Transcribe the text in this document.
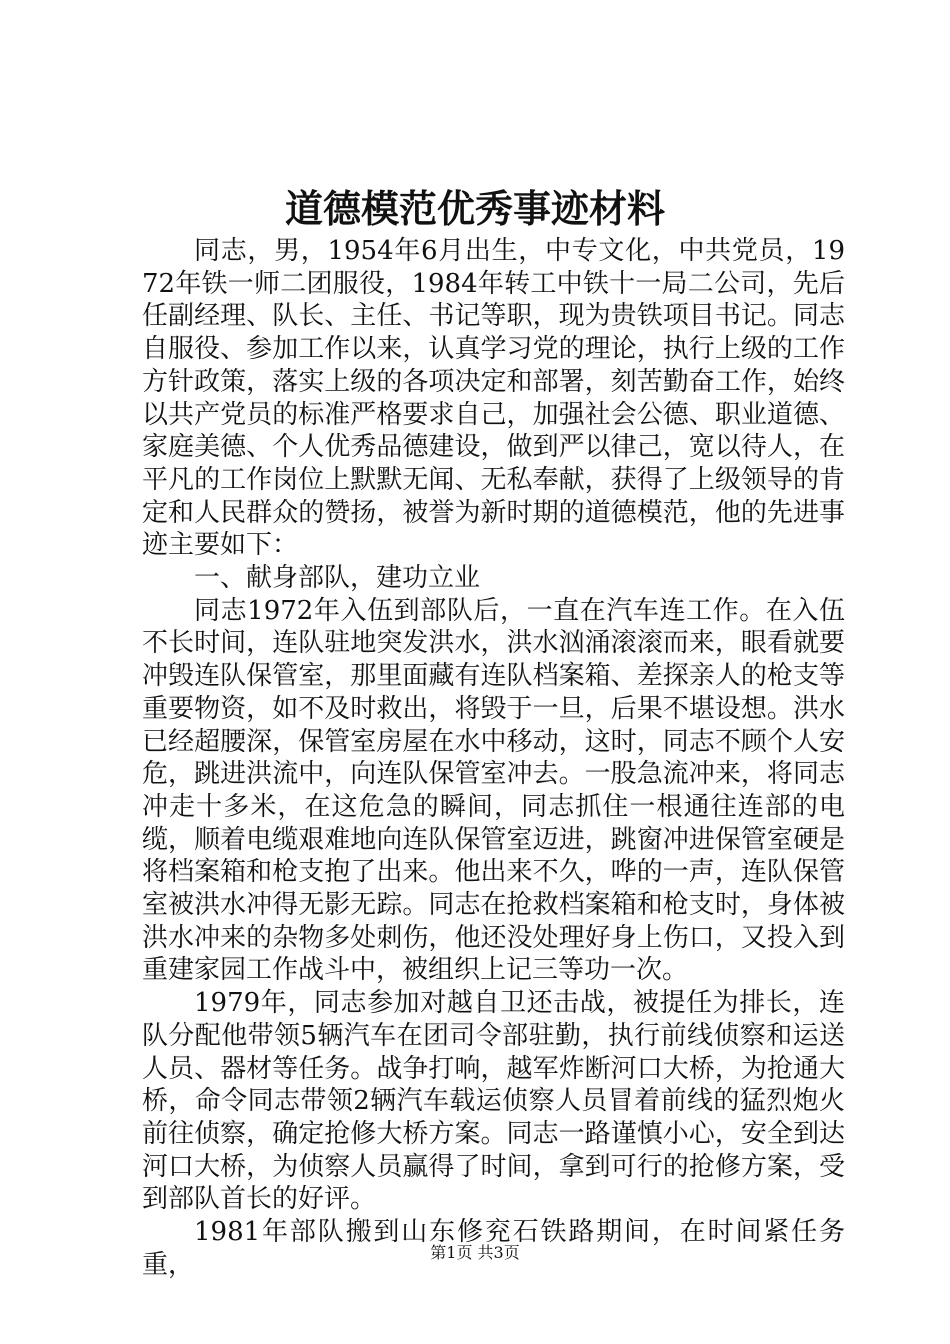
道德模范优秀事迹材料

同志，男，1954年6月出生，中专文化，中共党员，1972年铁一师二团服役，1984年转工中铁十一局二公司，先后任副经理、队长、主任、书记等职，现为贵铁项目书记。同志自服役、参加工作以来，认真学习党的理论，执行上级的工作方针政策，落实上级的各项决定和部署，刻苦勤奋工作，始终以共产党员的标准严格要求自己，加强社会公德、职业道德、家庭美德、个人优秀品德建设，做到严以律己，宽以待人，在平凡的工作岗位上默默无闻、无私奉献，获得了上级领导的肯定和人民群众的赞扬，被誉为新时期的道德模范，他的先进事迹主要如下：

一、献身部队，建功立业

同志1972年入伍到部队后，一直在汽车连工作。在入伍不长时间，连队驻地突发洪水，洪水汹涌滚滚而来，眼看就要冲毁连队保管室，那里面藏有连队档案箱、差探亲人的枪支等重要物资，如不及时救出，将毁于一旦，后果不堪设想。洪水已经超腰深，保管室房屋在水中移动，这时，同志不顾个人安危，跳进洪流中，向连队保管室冲去。一股急流冲来，将同志冲走十多米，在这危急的瞬间，同志抓住一根通往连部的电缆，顺着电缆艰难地向连队保管室迈进，跳窗冲进保管室硬是将档案箱和枪支抱了出来。他出来不久，哗的一声，连队保管室被洪水冲得无影无踪。同志在抢救档案箱和枪支时，身体被洪水冲来的杂物多处刺伤，他还没处理好身上伤口，又投入到重建家园工作战斗中，被组织上记三等功一次。

1979年，同志参加对越自卫还击战，被提任为排长，连队分配他带领5辆汽车在团司令部驻勤，执行前线侦察和运送人员、器材等任务。战争打响，越军炸断河口大桥，为抢通大桥，命令同志带领2辆汽车载运侦察人员冒着前线的猛烈炮火前往侦察，确定抢修大桥方案。同志一路谨慎小心，安全到达河口大桥，为侦察人员赢得了时间，拿到可行的抢修方案，受到部队首长的好评。

1981年部队搬到山东修兖石铁路期间，在时间紧任务重，	第1页 共3页
